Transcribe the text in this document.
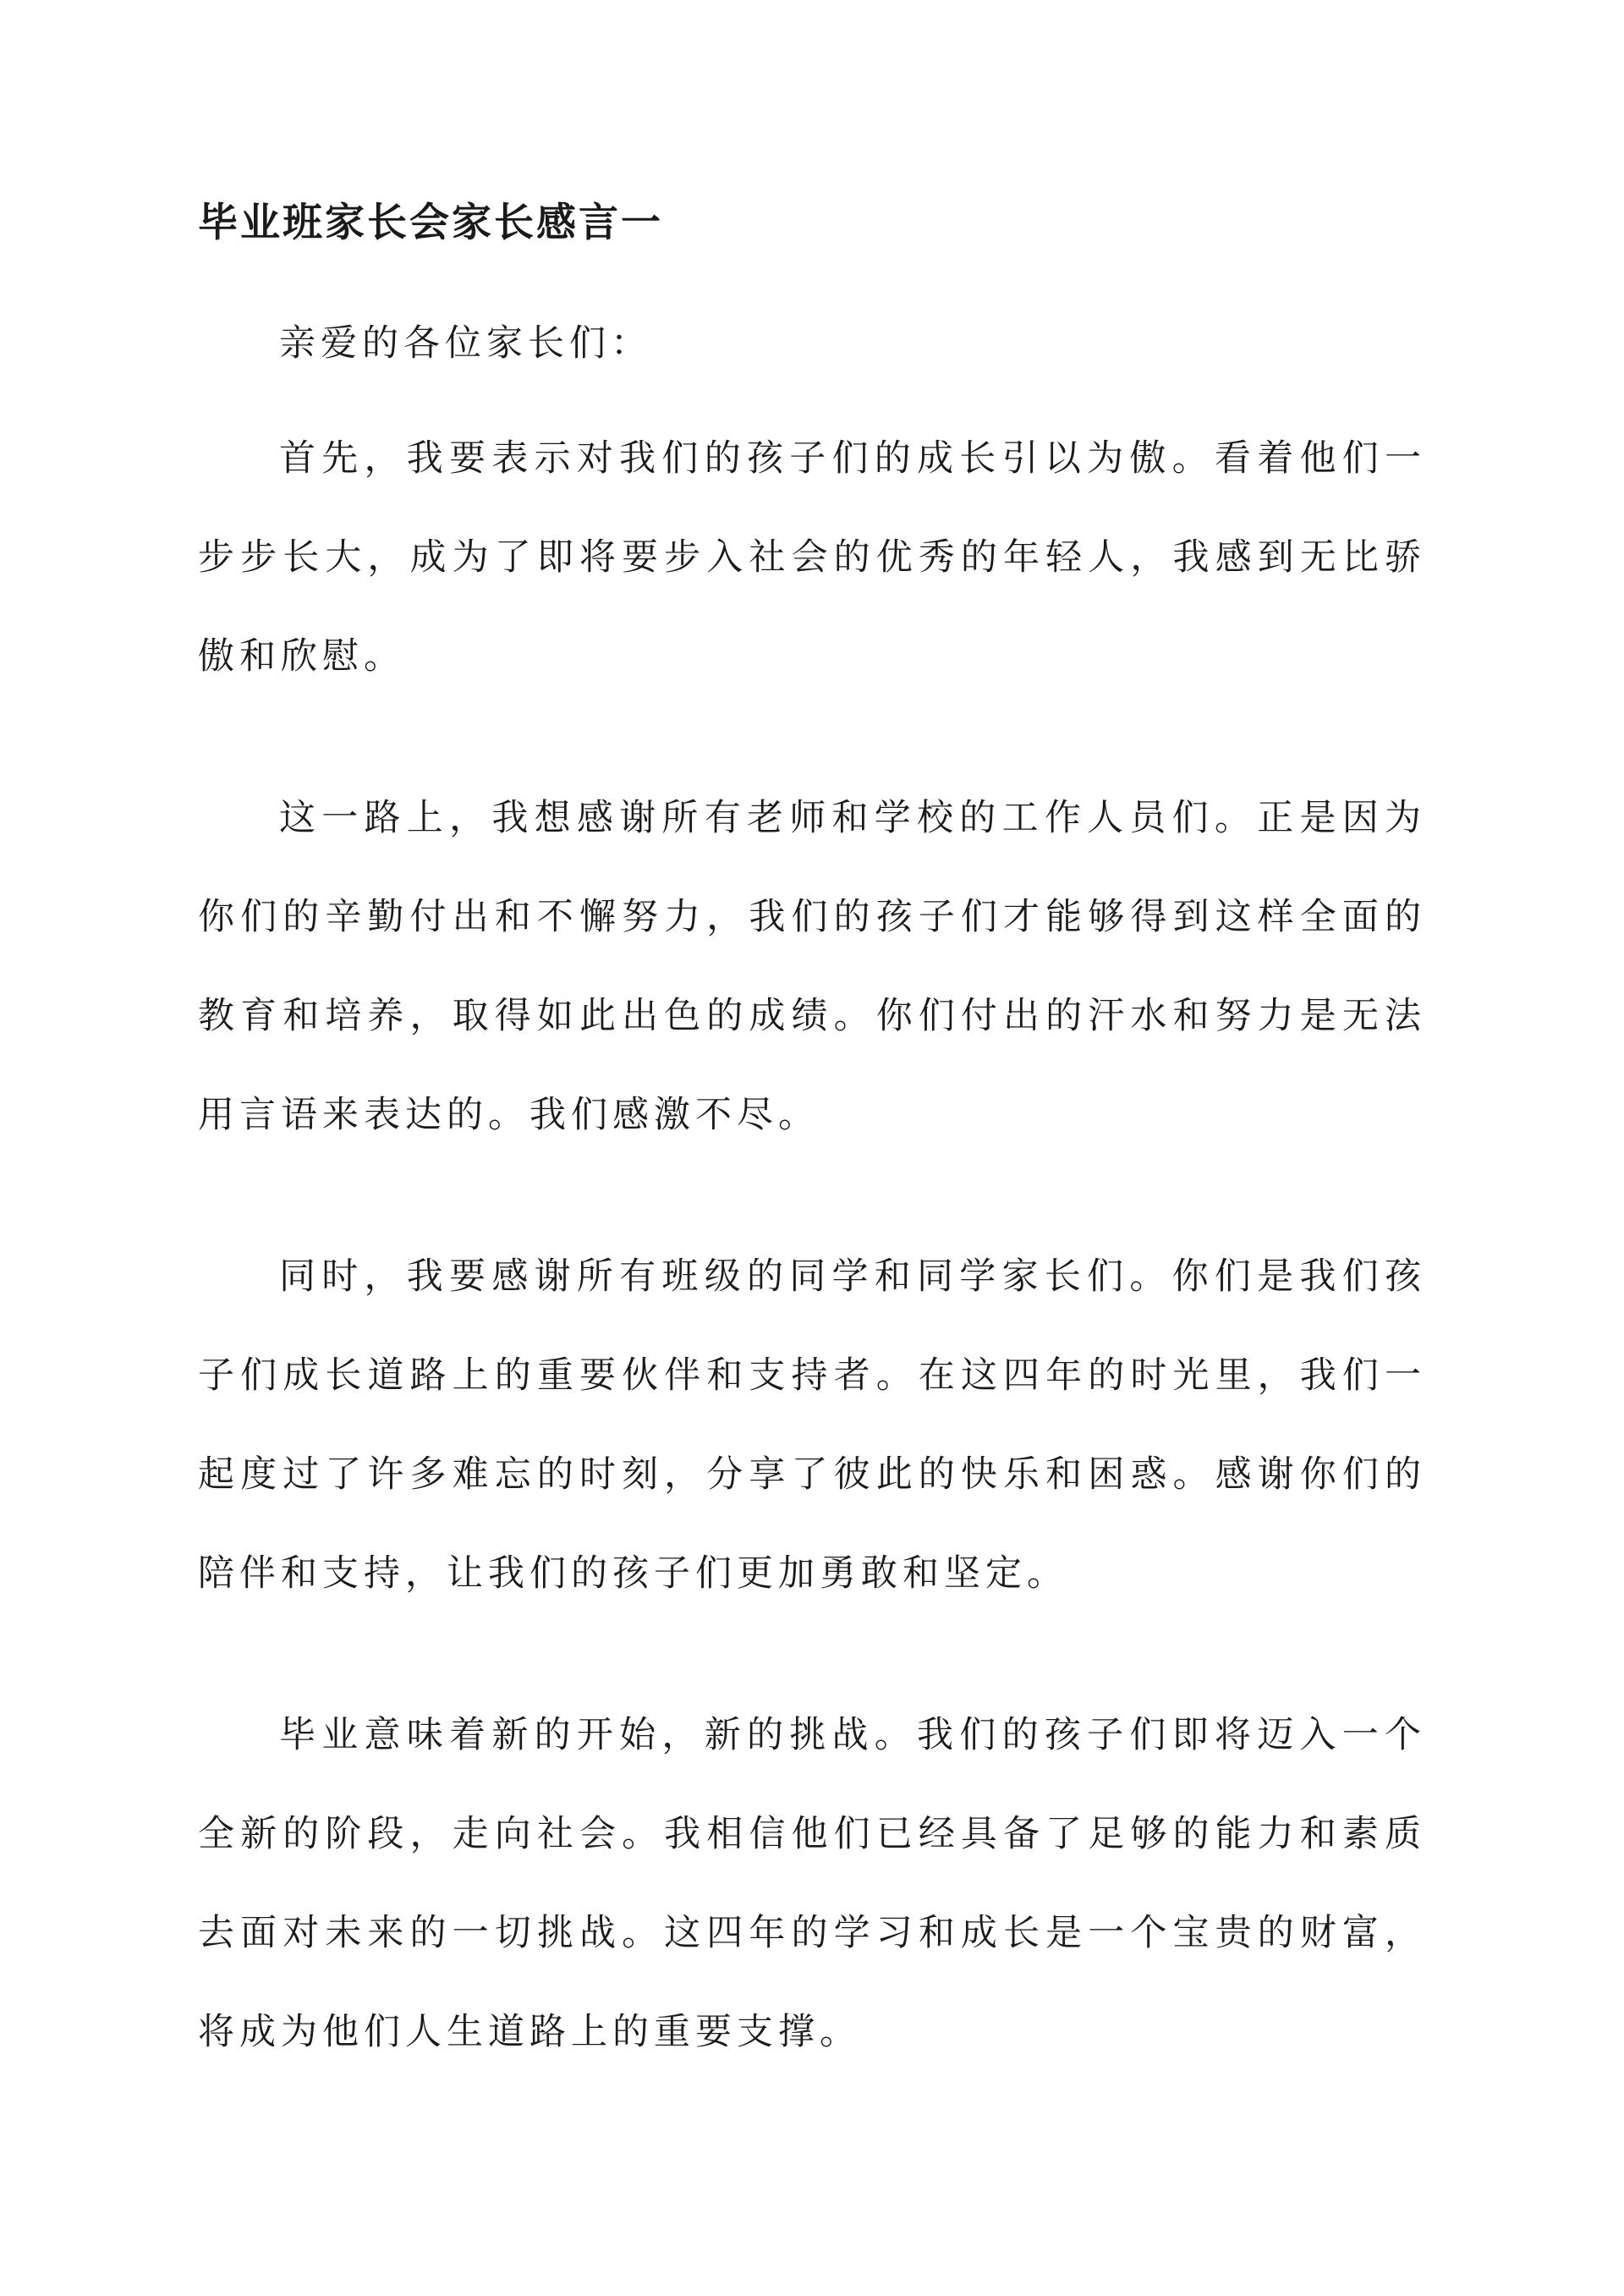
毕业班家长会家长感言一

亲爱的各位家长们：

首先，我要表示对我们的孩子们的成长引以为傲。看着他们一步步长大，成为了即将要步入社会的优秀的年轻人，我感到无比骄傲和欣慰。

这一路上，我想感谢所有老师和学校的工作人员们。正是因为你们的辛勤付出和不懈努力，我们的孩子们才能够得到这样全面的教育和培养，取得如此出色的成绩。你们付出的汗水和努力是无法用言语来表达的。我们感激不尽。

同时，我要感谢所有班级的同学和同学家长们。你们是我们孩子们成长道路上的重要伙伴和支持者。在这四年的时光里，我们一起度过了许多难忘的时刻，分享了彼此的快乐和困惑。感谢你们的陪伴和支持，让我们的孩子们更加勇敢和坚定。

毕业意味着新的开始，新的挑战。我们的孩子们即将迈入一个全新的阶段，走向社会。我相信他们已经具备了足够的能力和素质去面对未来的一切挑战。这四年的学习和成长是一个宝贵的财富，将成为他们人生道路上的重要支撑。
